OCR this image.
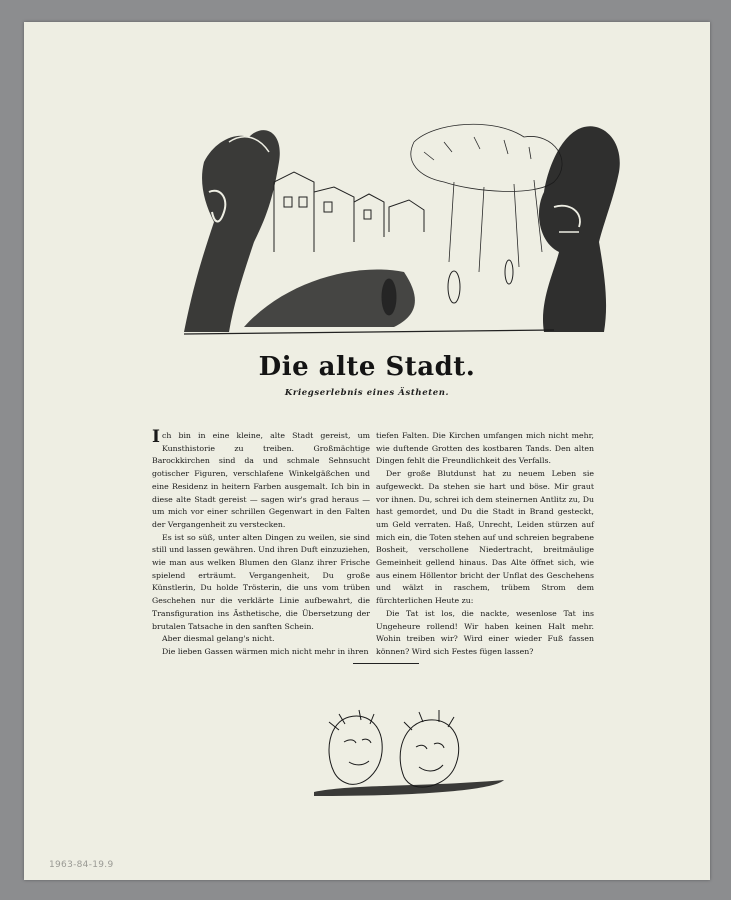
Die alte Stadt.
Kriegserlebnis eines Ästheten.

Ich bin in eine kleine, alte Stadt gereist, um Kunsthistorie zu treiben. Großmächtige Barockkirchen sind da und schmale Sehnsucht gotischer Figuren, verschlafene Winkelgäßchen und eine Residenz in heitern Farben ausgemalt. Ich bin in diese alte Stadt gereist — sagen wir's grad heraus — um mich vor einer schrillen Gegenwart in den Falten der Vergangenheit zu verstecken.

Es ist so süß, unter alten Dingen zu weilen, sie sind still und lassen gewähren. Und ihren Duft einzuziehen, wie man aus welken Blumen den Glanz ihrer Frische spielend erträumt. Vergangenheit, Du große Künstlerin, Du holde Trösterin, die uns vom trüben Geschehen nur die verklärte Linie aufbewahrt, die Transfiguration ins Ästhetische, die Übersetzung der brutalen Tatsache in den sanften Schein.

Aber diesmal gelang's nicht.

Die lieben Gassen wärmen mich nicht mehr in ihren

tiefen Falten. Die Kirchen umfangen mich nicht mehr, wie duftende Grotten des kostbaren Tands. Den alten Dingen fehlt die Freundlichkeit des Verfalls.

Der große Blutdunst hat zu neuem Leben sie aufgeweckt. Da stehen sie hart und böse. Mir graut vor ihnen. Du, schrei ich dem steinernen Antlitz zu, Du hast gemordet, und Du die Stadt in Brand gesteckt, um Geld verraten. Haß, Unrecht, Leiden stürzen auf mich ein, die Toten stehen auf und schreien begrabene Bosheit, verschollene Niedertracht, breitmäulige Gemeinheit gellend hinaus. Das Alte öffnet sich, wie aus einem Höllentor bricht der Unflat des Geschehens und wälzt in raschem, trübem Strom dem fürchterlichen Heute zu:

Die Tat ist los, die nackte, wesenlose Tat ins Ungeheure rollend! Wir haben keinen Halt mehr. Wohin treiben wir? Wird einer wieder Fuß fassen können? Wird sich Festes fügen lassen?

1963-84-19.9
